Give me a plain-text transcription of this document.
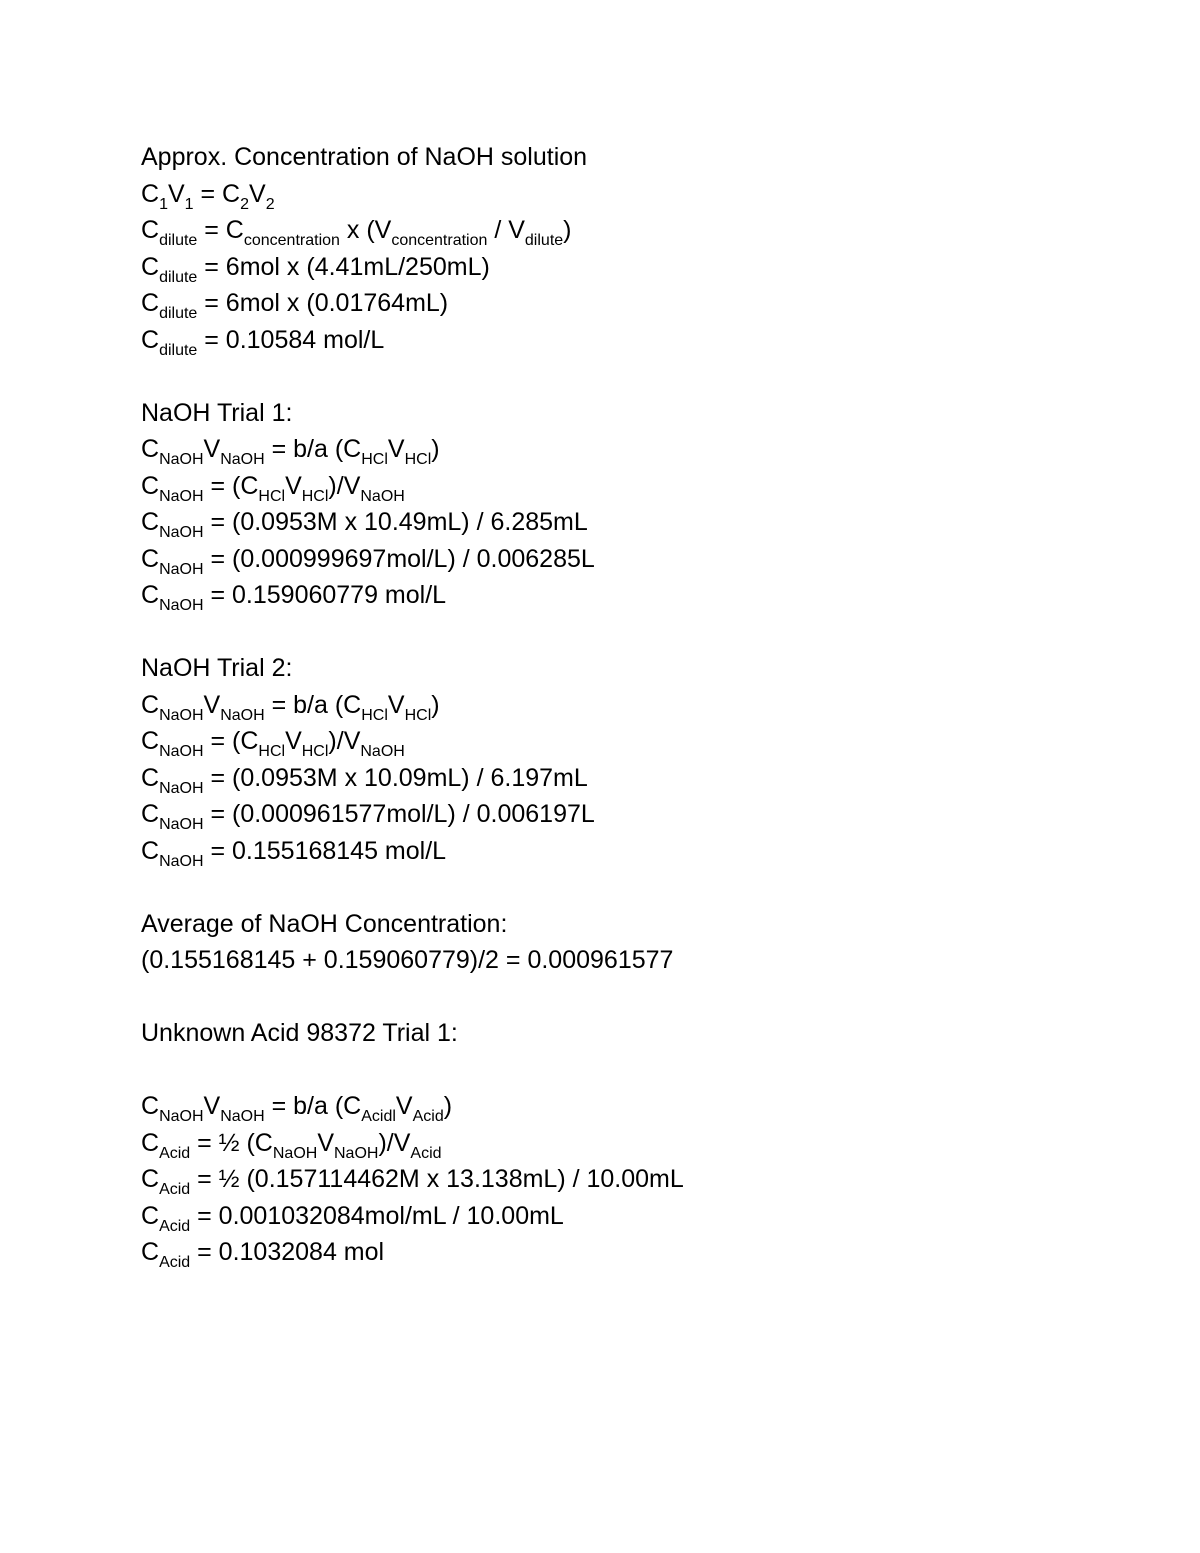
Approx. Concentration of NaOH solution
$C_1V_1 = C_2V_2$
$C_{dilute} = C_{concentration}$ x $(V_{concentration} / V_{dilute})$
$C_{dilute} = 6mol$ x (4.41mL/250mL)
$C_{dilute} = 6mol$ x (0.01764mL)
$C_{dilute} = 0.10584$ mol/L
NaOH Trial 1:
$C_{NaOH}V_{NaOH} = b/a$ $(C_{HCl}V_{HCl})$
$C_{NaOH} = (C_{HCl}V_{HCl})/V_{NaOH}$
$C_{NaOH} = (0.0953M$ x 10.49mL) / 6.285mL
$C_{NaOH} = (0.000999697mol/L) / 0.006285L$
$C_{NaOH} = 0.159060779$ mol/L
NaOH Trial 2:
$C_{NaOH}V_{NaOH} = b/a$ $(C_{HCl}V_{HCl})$
$C_{NaOH} = (C_{HCl}V_{HCl})/V_{NaOH}$
$C_{NaOH} = (0.0953M$ x 10.09mL) / 6.197mL
$C_{NaOH} = (0.000961577mol/L) / 0.006197L$
$C_{NaOH} = 0.155168145$ mol/L
Average of NaOH Concentration:
(0.155168145 + 0.159060779)/2 = 0.000961577
Unknown Acid 98372 Trial 1:
$C_{NaOH}V_{NaOH} = b/a$ $(C_{Acidl}V_{Acid})$
$C_{Acid}$ = ½ $(C_{NaOH}V_{NaOH})/V_{Acid}$
$C_{Acid}$ = ½ (0.157114462M x 13.138mL) / 10.00mL
$C_{Acid} = 0.001032084mol/mL / 10.00mL$
$C_{Acid} = 0.1032084$ mol
